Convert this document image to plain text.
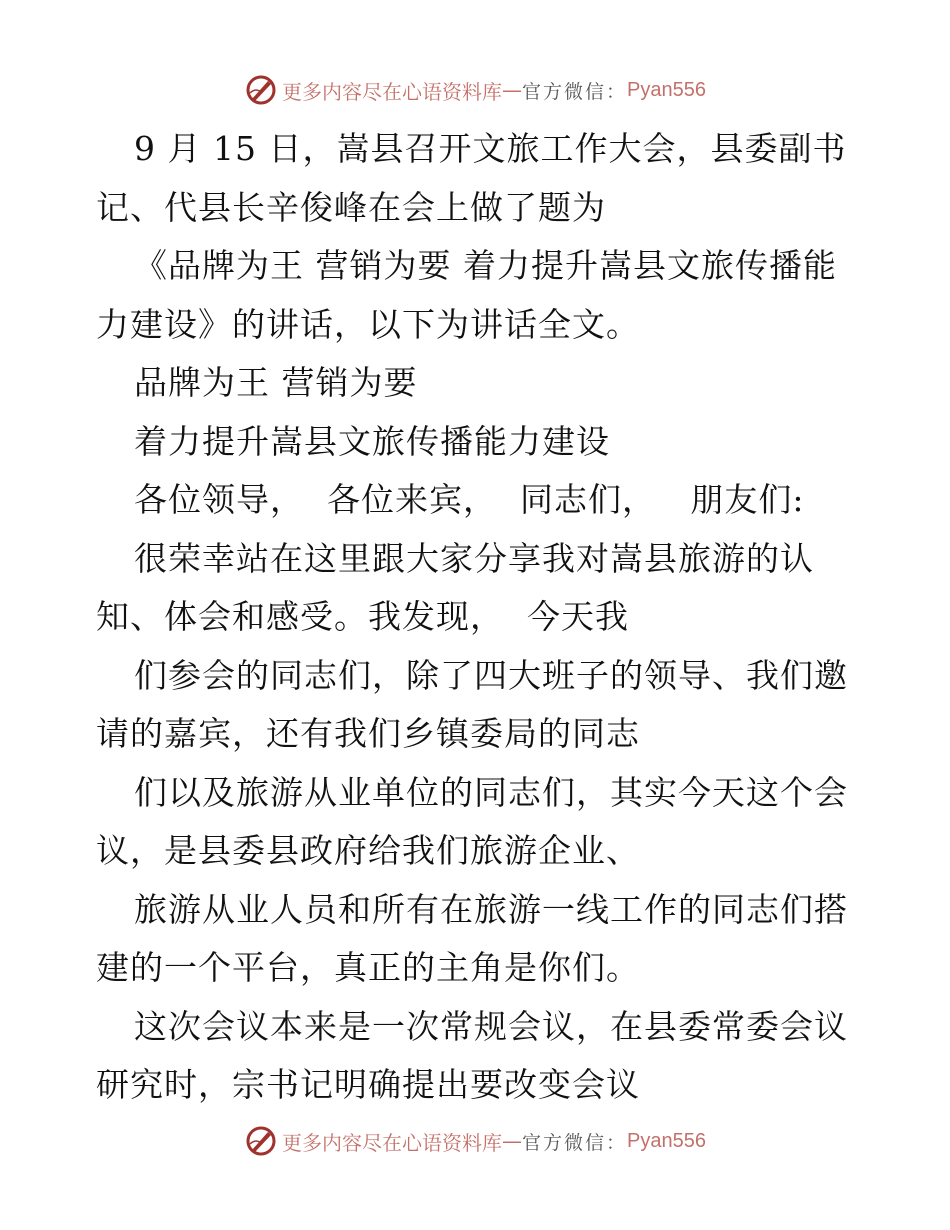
更多内容尽在心语资料库 — 官方微信： Pyan556
9 月 15 日，嵩县召开文旅工作大会，县委副书
记、代县长辛俊峰在会上做了题为
《品牌为王 营销为要 着力提升嵩县文旅传播能
力建设》的讲话，以下为讲话全文。
品牌为王 营销为要
着力提升嵩县文旅传播能力建设
各位领导，  各位来宾，  同志们，   朋友们:
很荣幸站在这里跟大家分享我对嵩县旅游的认
知、体会和感受。我发现，  今天我
们参会的同志们，除了四大班子的领导、我们邀
请的嘉宾，还有我们乡镇委局的同志
们以及旅游从业单位的同志们，其实今天这个会
议，是县委县政府给我们旅游企业、
旅游从业人员和所有在旅游一线工作的同志们搭
建的一个平台，真正的主角是你们。
这次会议本来是一次常规会议，在县委常委会议
研究时，宗书记明确提出要改变会议
更多内容尽在心语资料库 — 官方微信： Pyan556
